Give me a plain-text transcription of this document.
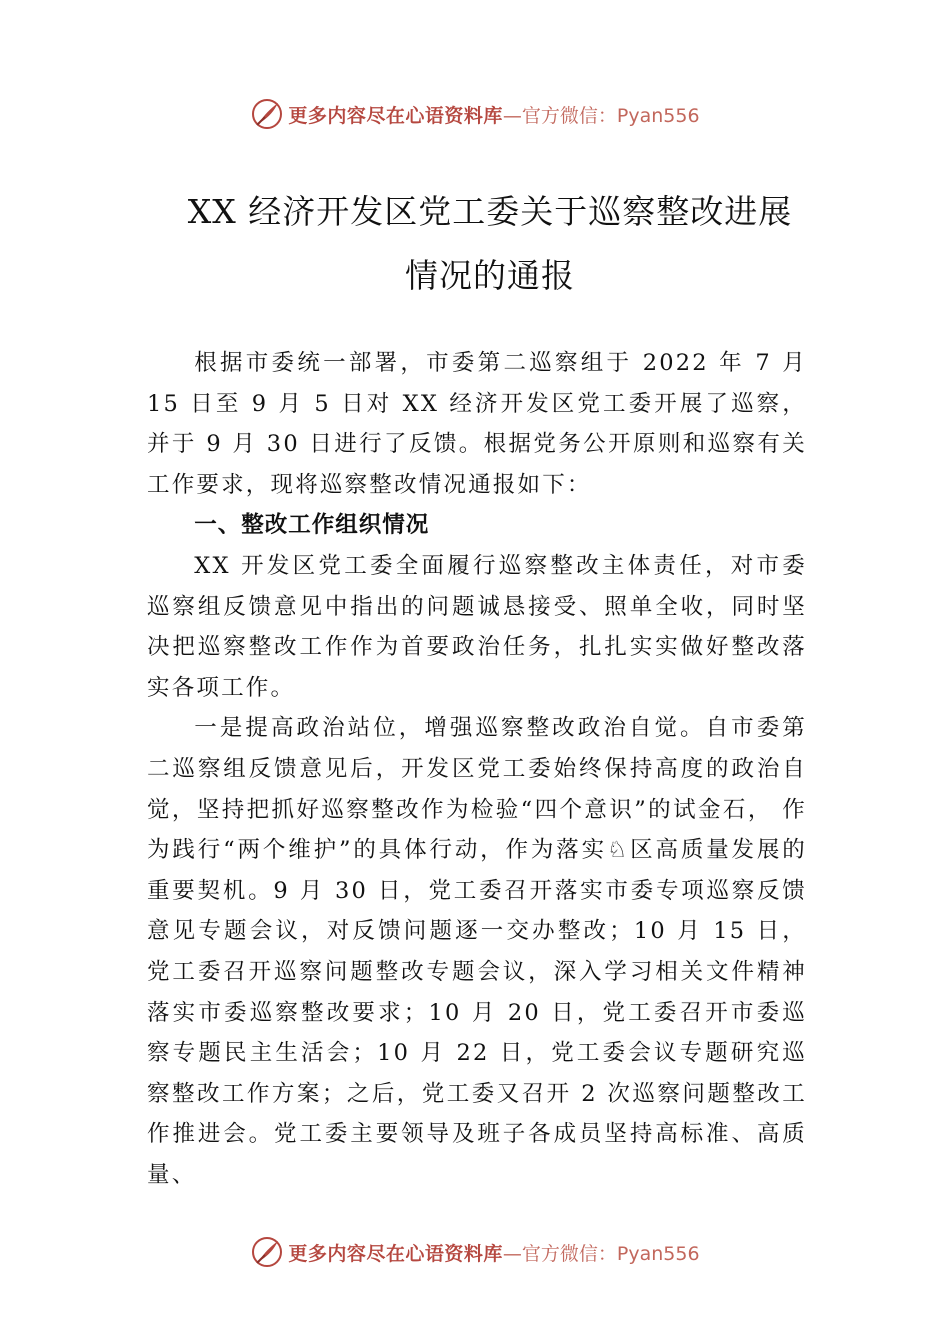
更多内容尽在心语资料库 —官方微信：Pyan556
XX 经济开发区党工委关于巡察整改进展
情况的通报

根据市委统一部署，市委第二巡察组于 2022 年 7 月 15 日至 9 月 5 日对 XX 经济开发区党工委开展了巡察，并于 9 月 30 日进行了反馈。根据党务公开原则和巡察有关工作要求，现将巡察整改情况通报如下：

一、整改工作组织情况

XX 开发区党工委全面履行巡察整改主体责任，对市委巡察组反馈意见中指出的问题诚恳接受、照单全收，同时坚决把巡察整改工作作为首要政治任务，扎扎实实做好整改落实各项工作。

一是提高政治站位，增强巡察整改政治自觉。自市委第二巡察组反馈意见后，开发区党工委始终保持高度的政治自觉，坚持把抓好巡察整改作为检验“四个意识”的试金石， 作为践行“两个维护”的具体行动，作为落实♘区高质量发展的重要契机。9 月 30 日，党工委召开落实市委专项巡察反馈意见专题会议，对反馈问题逐一交办整改；10 月 15 日， 党工委召开巡察问题整改专题会议，深入学习相关文件精神落实市委巡察整改要求；10 月 20 日，党工委召开市委巡察专题民主生活会；10 月 22 日，党工委会议专题研究巡察整改工作方案；之后，党工委又召开 2 次巡察问题整改工作推进会。党工委主要领导及班子各成员坚持高标准、高质量、

更多内容尽在心语资料库 —官方微信：Pyan556
